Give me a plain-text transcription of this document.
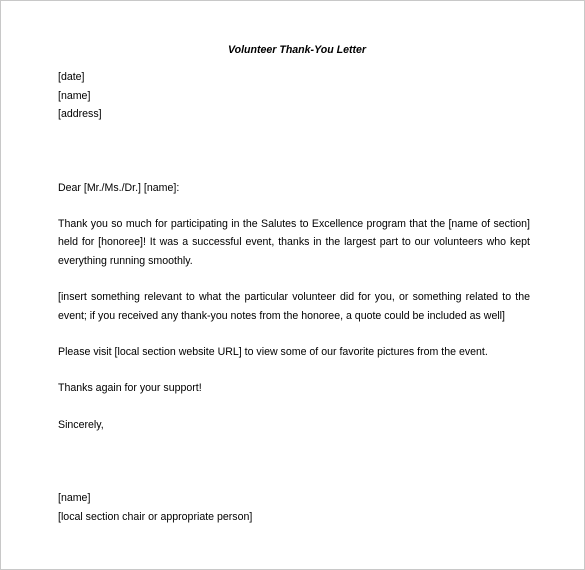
Volunteer Thank-You Letter

[date]

[name]

[address]

Dear [Mr./Ms./Dr.] [name]:

Thank you so much for participating in the Salutes to Excellence program that the [name of section] held for [honoree]! It was a successful event, thanks in the largest part to our volunteers who kept everything running smoothly.

[insert something relevant to what the particular volunteer did for you, or something related to the event; if you received any thank-you notes from the honoree, a quote could be included as well]

Please visit [local section website URL] to view some of our favorite pictures from the event.

Thanks again for your support!

Sincerely,

[name]

[local section chair or appropriate person]
